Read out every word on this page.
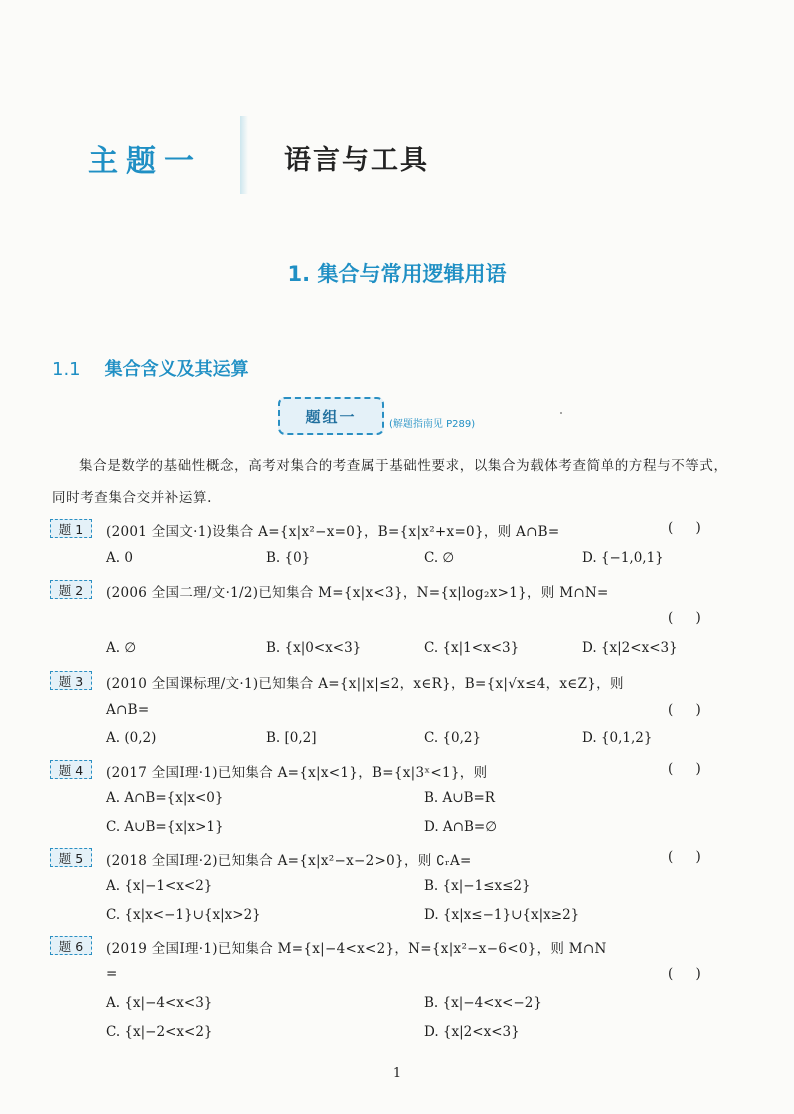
主题一	语言与工具
1. 集合与常用逻辑用语
1.1 集合含义及其运算
题组一	(解题指南见 P289)
集合是数学的基础性概念，高考对集合的考查属于基础性要求，以集合为载体考查简单的方程与不等式，同时考查集合交并补运算.
题 1	(2001 全国文·1)设集合 A={x|x²−x=0}，B={x|x²+x=0}，则 A∩B=	( )
A. 0	B. {0}	C. ∅	D. {−1,0,1}
题 2	(2006 全国二理/文·1/2)已知集合 M={x|x<3}，N={x|log₂x>1}，则 M∩N=
( )
A. ∅	B. {x|0<x<3}	C. {x|1<x<3}	D. {x|2<x<3}
题 3	(2010 全国课标理/文·1)已知集合 A={x||x|≤2，x∈R}，B={x|√x≤4，x∈Z}，则
A∩B=	( )
A. (0,2)	B. [0,2]	C. {0,2}	D. {0,1,2}
题 4	(2017 全国Ⅰ理·1)已知集合 A={x|x<1}，B={x|3ˣ<1}，则	( )
A. A∩B={x|x<0}	B. A∪B=R
C. A∪B={x|x>1}	D. A∩B=∅
题 5	(2018 全国Ⅰ理·2)已知集合 A={x|x²−x−2>0}，则 ∁ᵣA=	( )
A. {x|−1<x<2}	B. {x|−1≤x≤2}
C. {x|x<−1}∪{x|x>2}	D. {x|x≤−1}∪{x|x≥2}
题 6	(2019 全国Ⅰ理·1)已知集合 M={x|−4<x<2}，N={x|x²−x−6<0}，则 M∩N
=	( )
A. {x|−4<x<3}	B. {x|−4<x<−2}
C. {x|−2<x<2}	D. {x|2<x<3}
1
